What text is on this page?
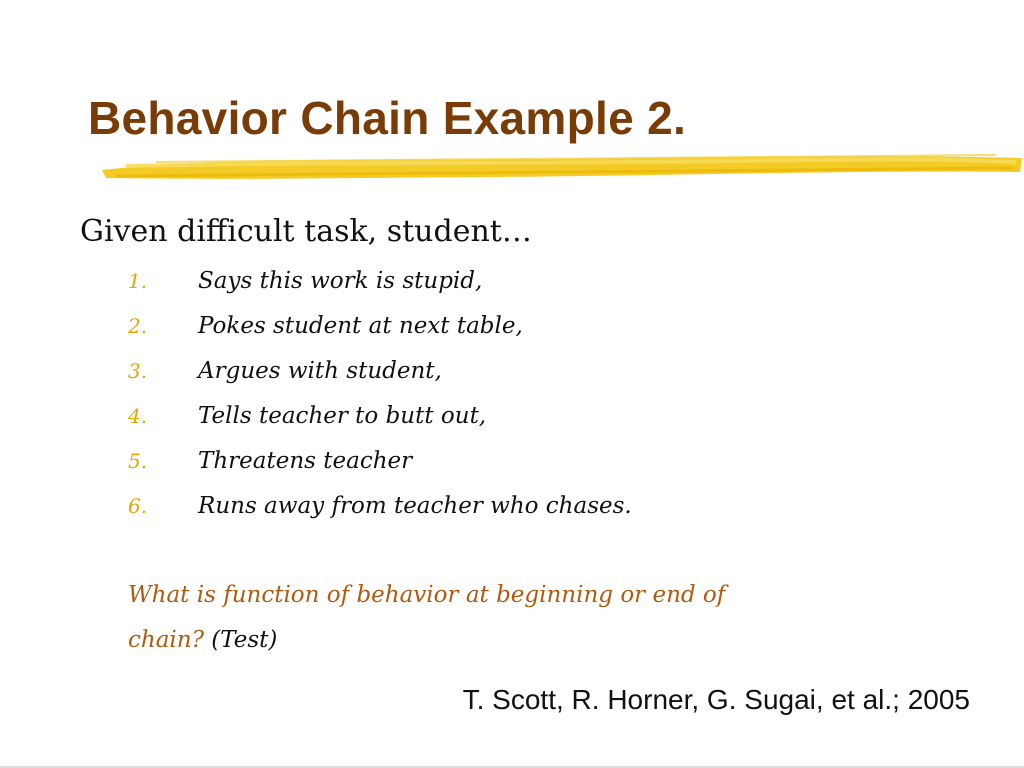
Behavior Chain Example 2.

Given difficult task, student…

1.	Says this work is stupid,
2.	Pokes student at next table,
3.	Argues with student,
4.	Tells teacher to butt out,
5.	Threatens teacher
6.	Runs away from teacher who chases.

What is function of behavior at beginning or end of chain? (Test)

T. Scott, R. Horner, G. Sugai, et al.; 2005
